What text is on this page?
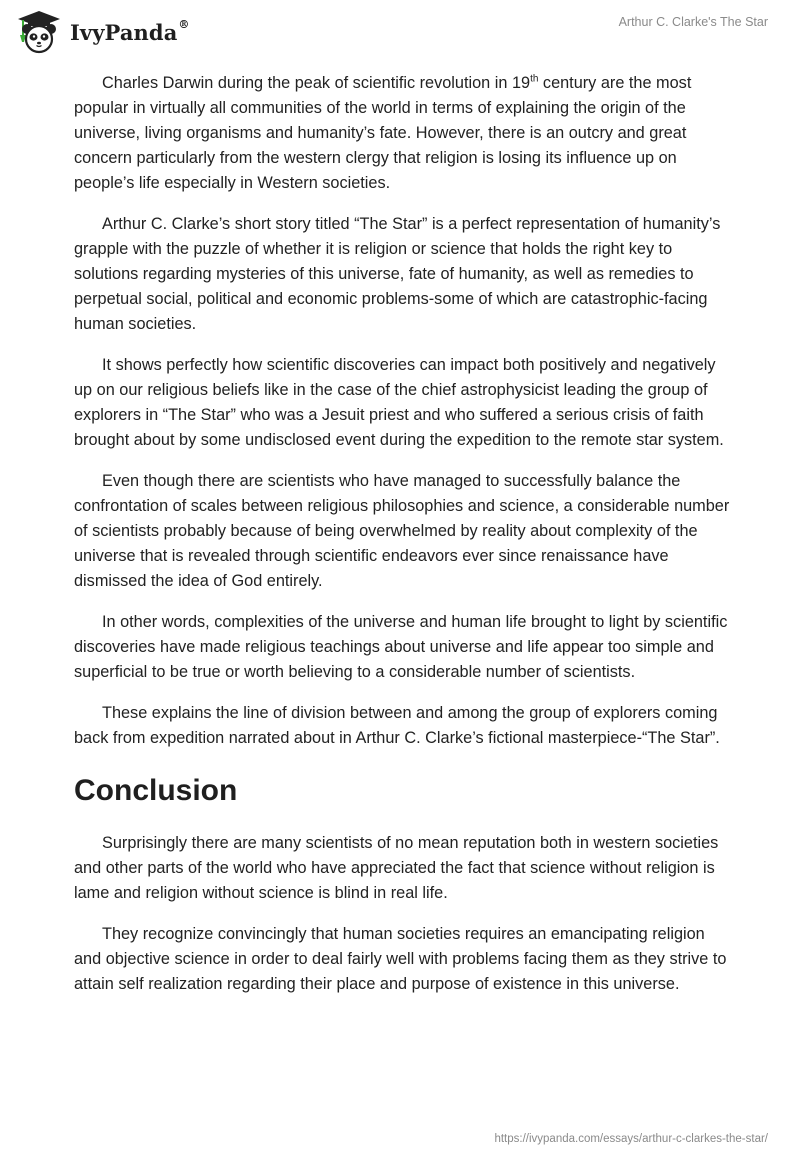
IvyPanda®	Arthur C. Clarke's The Star

Charles Darwin during the peak of scientific revolution in 19th century are the most popular in virtually all communities of the world in terms of explaining the origin of the universe, living organisms and humanity’s fate. However, there is an outcry and great concern particularly from the western clergy that religion is losing its influence up on people’s life especially in Western societies.

Arthur C. Clarke’s short story titled “The Star” is a perfect representation of humanity’s grapple with the puzzle of whether it is religion or science that holds the right key to solutions regarding mysteries of this universe, fate of humanity, as well as remedies to perpetual social, political and economic problems-some of which are catastrophic-facing human societies.

It shows perfectly how scientific discoveries can impact both positively and negatively up on our religious beliefs like in the case of the chief astrophysicist leading the group of explorers in “The Star” who was a Jesuit priest and who suffered a serious crisis of faith brought about by some undisclosed event during the expedition to the remote star system.

Even though there are scientists who have managed to successfully balance the confrontation of scales between religious philosophies and science, a considerable number of scientists probably because of being overwhelmed by reality about complexity of the universe that is revealed through scientific endeavors ever since renaissance have dismissed the idea of God entirely.

In other words, complexities of the universe and human life brought to light by scientific discoveries have made religious teachings about universe and life appear too simple and superficial to be true or worth believing to a considerable number of scientists.

These explains the line of division between and among the group of explorers coming back from expedition narrated about in Arthur C. Clarke’s fictional masterpiece-“The Star”.

Conclusion

Surprisingly there are many scientists of no mean reputation both in western societies and other parts of the world who have appreciated the fact that science without religion is lame and religion without science is blind in real life.

They recognize convincingly that human societies requires an emancipating religion and objective science in order to deal fairly well with problems facing them as they strive to attain self realization regarding their place and purpose of existence in this universe.

https://ivypanda.com/essays/arthur-c-clarkes-the-star/
